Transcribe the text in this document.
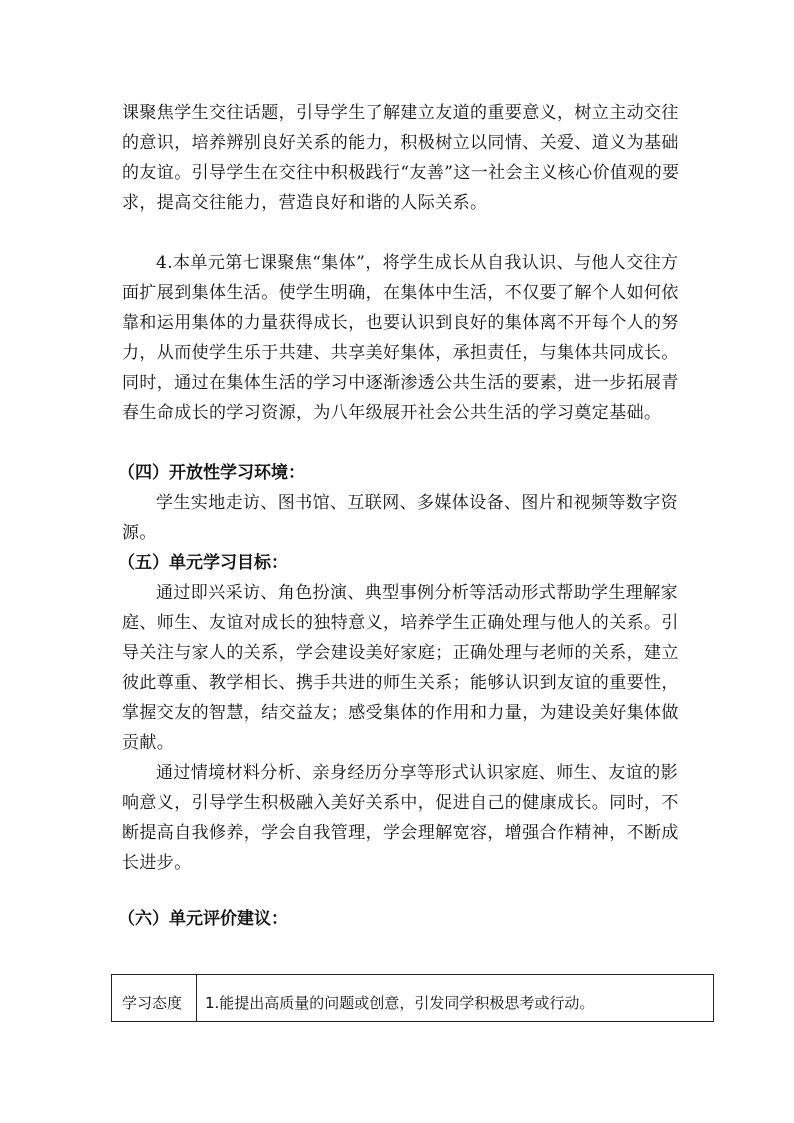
课聚焦学生交往话题，引导学生了解建立友道的重要意义，树立主动交往的意识，培养辨别良好关系的能力，积极树立以同情、关爱、道义为基础的友谊。引导学生在交往中积极践行“友善”这一社会主义核心价值观的要求，提高交往能力，营造良好和谐的人际关系。

4.本单元第七课聚焦“集体”，将学生成长从自我认识、与他人交往方面扩展到集体生活。使学生明确，在集体中生活，不仅要了解个人如何依靠和运用集体的力量获得成长，也要认识到良好的集体离不开每个人的努力，从而使学生乐于共建、共享美好集体，承担责任，与集体共同成长。同时，通过在集体生活的学习中逐渐渗透公共生活的要素，进一步拓展青春生命成长的学习资源，为八年级展开社会公共生活的学习奠定基础。

（四）开放性学习环境：

学生实地走访、图书馆、互联网、多媒体设备、图片和视频等数字资源。

（五）单元学习目标：

通过即兴采访、角色扮演、典型事例分析等活动形式帮助学生理解家庭、师生、友谊对成长的独特意义，培养学生正确处理与他人的关系。引导关注与家人的关系，学会建设美好家庭；正确处理与老师的关系，建立彼此尊重、教学相长、携手共进的师生关系；能够认识到友谊的重要性，掌握交友的智慧，结交益友；感受集体的作用和力量，为建设美好集体做贡献。

通过情境材料分析、亲身经历分享等形式认识家庭、师生、友谊的影响意义，引导学生积极融入美好关系中，促进自己的健康成长。同时，不断提高自我修养，学会自我管理，学会理解宽容，增强合作精神，不断成长进步。

（六）单元评价建议：

学习态度	1.能提出高质量的问题或创意，引发同学积极思考或行动。
